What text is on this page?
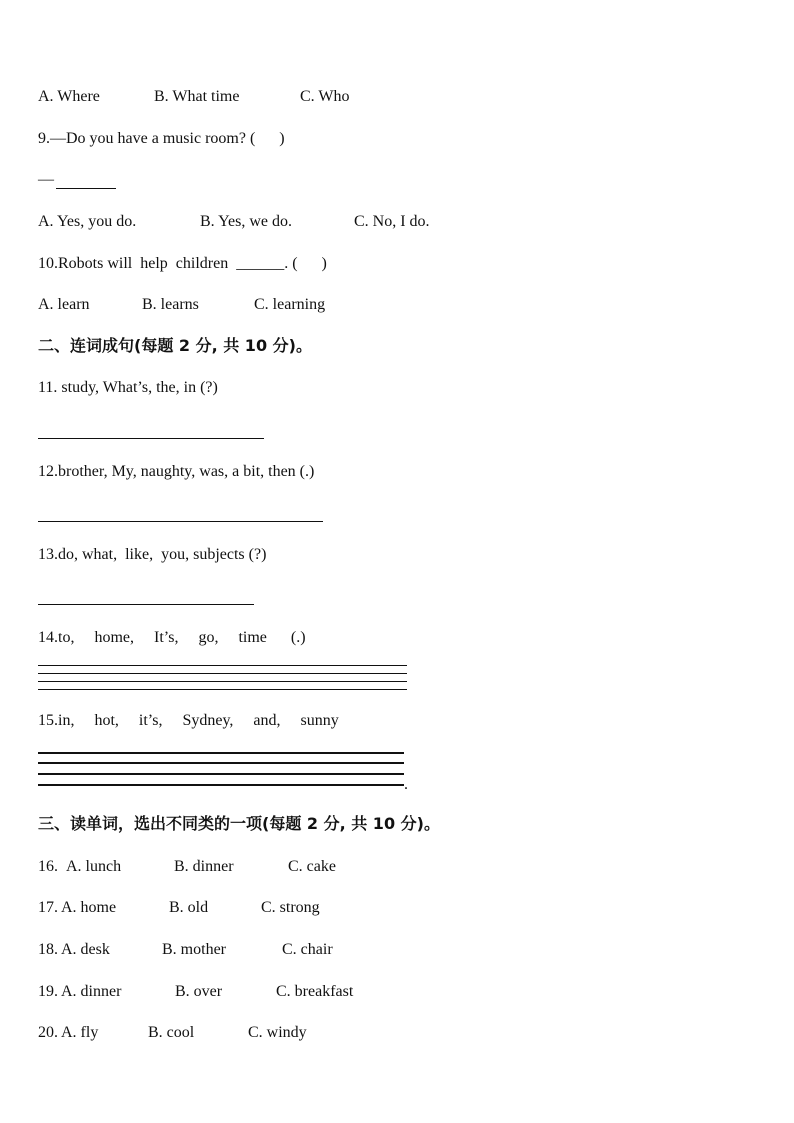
A. Where

	B. What time

	C. Who

9.—Do you have a music room? (      )
—

A. Yes, you do.

	B. Yes, we do.

	C. No, I do.

10.Robots will  help  children  ______. (      )

A. learn

	B. learns

	C. learning

二、连词成句(每题 2 分, 共 10 分)。
11. study, What’s, the, in (?)
12.brother, My, naughty, was, a bit, then (.)
13.do, what,  like,  you, subjects (?)
14.to,     home,     It’s,     go,     time      (.)
15.in,     hot,     it’s,     Sydney,     and,     sunny
.
三、读单词，选出不同类的一项(每题 2 分, 共 10 分)。

16.

A. lunch

	B. dinner

	C. cake

17.

A. home

	B. old

	C. strong

18.

A. desk

	B. mother

	C. chair

19.

A. dinner

	B. over

	C. breakfast

20.

A. fly

	B. cool

	C. windy
